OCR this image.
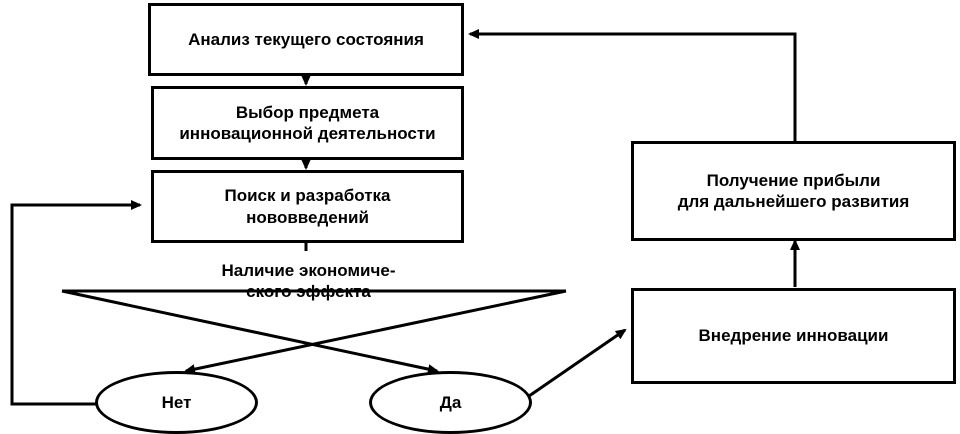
Анализ текущего состояния
Выбор предмета
инновационной деятельности
Поиск и разработка
нововведений
Наличие экономиче-
ского эффекта
Нет	Да
Внедрение инновации
Получение прибыли
для дальнейшего развития
